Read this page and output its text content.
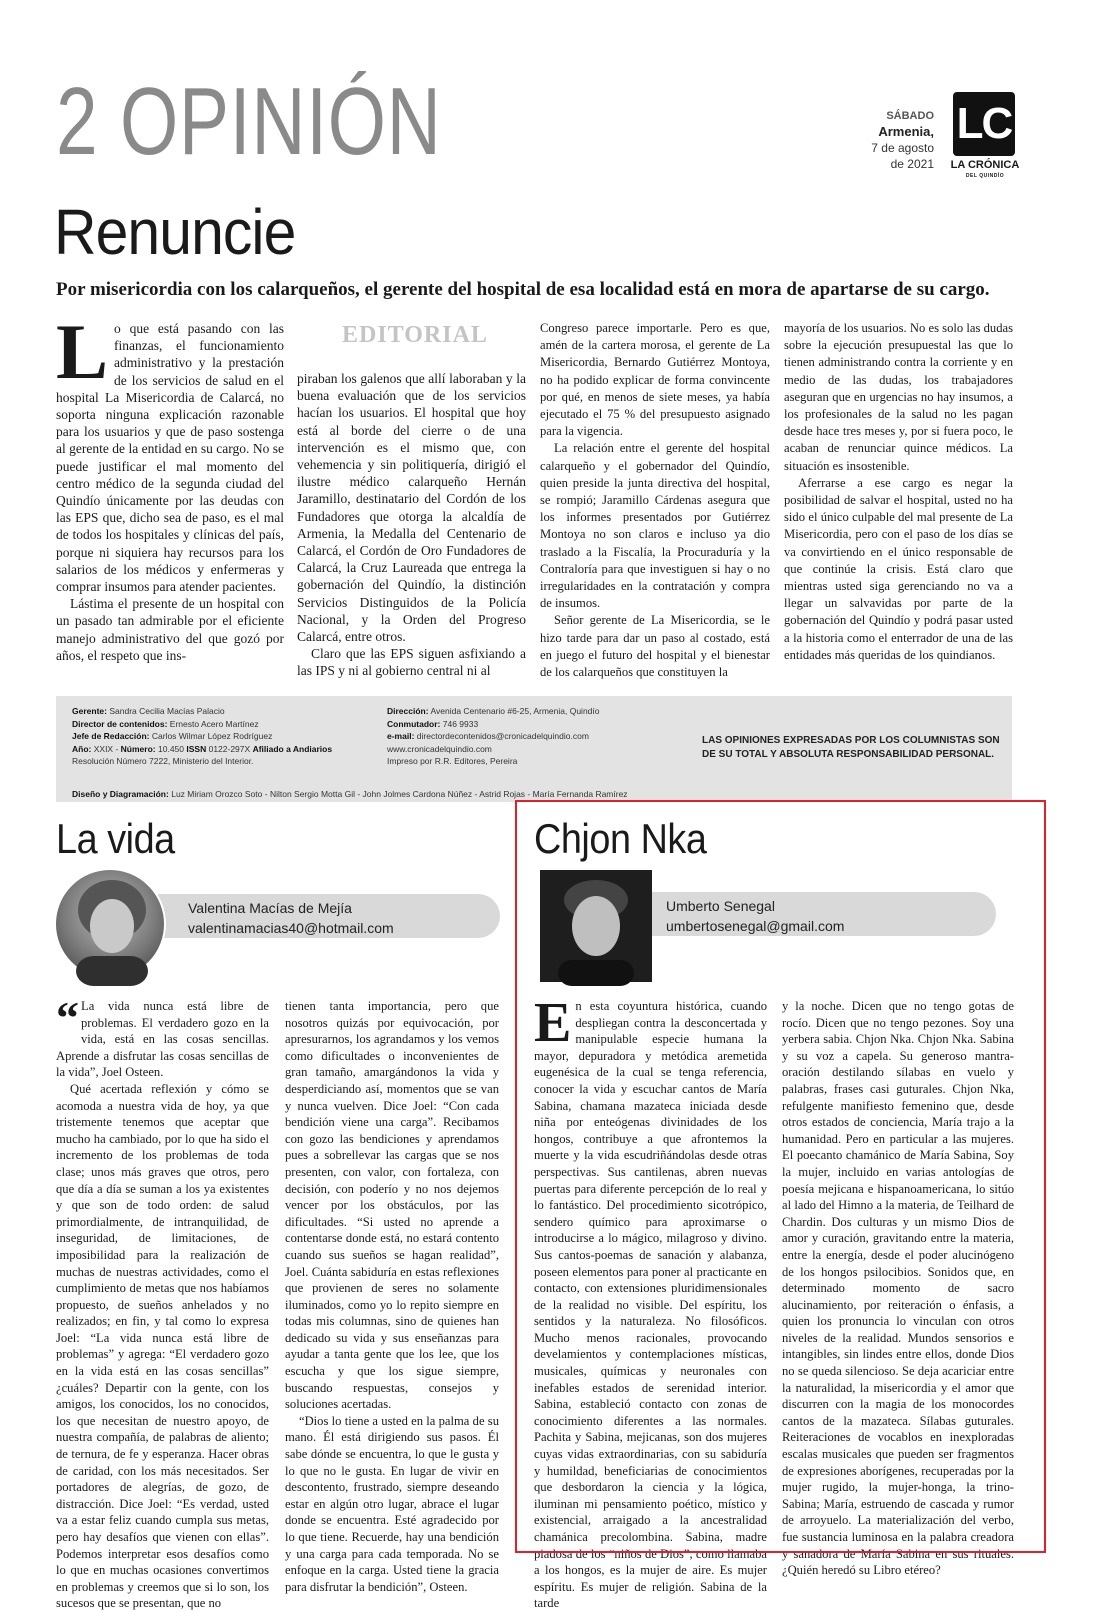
2 OPINIÓN	SÁBADO
Armenia,
7 de agosto
de 2021
LC
LA CRÓNICA
DEL QUINDÍO
Renuncie
Por misericordia con los calarqueños, el gerente del hospital de esa localidad está en mora de apartarse de su cargo.
EDITORIAL

Lo que está pasando con las finanzas, el funcionamiento administrativo y la prestación de los servicios de salud en el hospital La Misericordia de Calarcá, no soporta ninguna explicación razonable para los usuarios y que de paso sostenga al gerente de la entidad en su cargo. No se puede justificar el mal momento del centro médico de la segunda ciudad del Quindío únicamente por las deudas con las EPS que, dicho sea de paso, es el mal de todos los hospitales y clínicas del país, porque ni siquiera hay recursos para los salarios de los médicos y enfermeras y comprar insumos para atender pacientes.

Lástima el presente de un hospital con un pasado tan admirable por el eficiente manejo administrativo del que gozó por años, el respeto que ins-

piraban los galenos que allí laboraban y la buena evaluación que de los servicios hacían los usuarios. El hospital que hoy está al borde del cierre o de una intervención es el mismo que, con vehemencia y sin politiquería, dirigió el ilustre médico calarqueño Hernán Jaramillo, destinatario del Cordón de los Fundadores que otorga la alcaldía de Armenia, la Medalla del Centenario de Calarcá, el Cordón de Oro Fundadores de Calarcá, la Cruz Laureada que entrega la gobernación del Quindío, la distinción Servicios Distinguidos de la Policía Nacional, y la Orden del Progreso Calarcá, entre otros.

Claro que las EPS siguen asfixiando a las IPS y ni al gobierno central ni al

Congreso parece importarle. Pero es que, amén de la cartera morosa, el gerente de La Misericordia, Bernardo Gutiérrez Montoya, no ha podido explicar de forma convincente por qué, en menos de siete meses, ya había ejecutado el 75 % del presupuesto asignado para la vigencia.

La relación entre el gerente del hospital calarqueño y el gobernador del Quindío, quien preside la junta directiva del hospital, se rompió; Jaramillo Cárdenas asegura que los informes presentados por Gutiérrez Montoya no son claros e incluso ya dio traslado a la Fiscalía, la Procuraduría y la Contraloría para que investiguen si hay o no irregularidades en la contratación y compra de insumos.

Señor gerente de La Misericordia, se le hizo tarde para dar un paso al costado, está en juego el futuro del hospital y el bienestar de los calarqueños que constituyen la

mayoría de los usuarios. No es solo las dudas sobre la ejecución presupuestal las que lo tienen administrando contra la corriente y en medio de las dudas, los trabajadores aseguran que en urgencias no hay insumos, a los profesionales de la salud no les pagan desde hace tres meses y, por si fuera poco, le acaban de renunciar quince médicos. La situación es insostenible.

Aferrarse a ese cargo es negar la posibilidad de salvar el hospital, usted no ha sido el único culpable del mal presente de La Misericordia, pero con el paso de los días se va convirtiendo en el único responsable de que continúe la crisis. Está claro que mientras usted siga gerenciando no va a llegar un salvavidas por parte de la gobernación del Quindío y podrá pasar usted a la historia como el enterrador de una de las entidades más queridas de los quindianos.

Gerente: Sandra Cecilia Macías Palacio
Director de contenidos: Ernesto Acero Martínez
Jefe de Redacción: Carlos Wilmar López Rodríguez
Año: XXIX - Número: 10.450 ISSN 0122-297X Afiliado a Andiarios
Resolución Número 7222, Ministerio del Interior.
Dirección: Avenida Centenario #6-25, Armenia, Quindío
Conmutador: 746 9933
e-mail: directordecontenidos@cronicadelquindio.com
www.cronicadelquindio.com
Impreso por R.R. Editores, Pereira
LAS OPINIONES EXPRESADAS POR LOS COLUMNISTAS SON DE SU TOTAL Y ABSOLUTA RESPONSABILIDAD PERSONAL.
Diseño y Diagramación: Luz Miriam Orozco Soto - Nilton Sergio Motta Gil - John Jolmes Cardona Núñez - Astrid Rojas - María Fernanda Ramírez
La vida
Valentina Macías de Mejía
valentinamacias40@hotmail.com

“ La vida nunca está libre de problemas. El verdadero gozo en la vida, está en las cosas sencillas. Aprende a disfrutar las cosas sencillas de la vida”, Joel Osteen.

Qué acertada reflexión y cómo se acomoda a nuestra vida de hoy, ya que tristemente tenemos que aceptar que mucho ha cambiado, por lo que ha sido el incremento de los problemas de toda clase; unos más graves que otros, pero que día a día se suman a los ya existentes y que son de todo orden: de salud primordialmente, de intranquilidad, de inseguridad, de limitaciones, de imposibilidad para la realización de muchas de nuestras actividades, como el cumplimiento de metas que nos habíamos propuesto, de sueños anhelados y no realizados; en fin, y tal como lo expresa Joel: “La vida nunca está libre de problemas” y agrega: “El verdadero gozo en la vida está en las cosas sencillas” ¿cuáles? Departir con la gente, con los amigos, los conocidos, los no conocidos, los que necesitan de nuestro apoyo, de nuestra compañía, de palabras de aliento; de ternura, de fe y esperanza. Hacer obras de caridad, con los más necesitados. Ser portadores de alegrías, de gozo, de distracción. Dice Joel: “Es verdad, usted va a estar feliz cuando cumpla sus metas, pero hay desafíos que vienen con ellas”. Podemos interpretar esos desafíos como lo que en muchas ocasiones convertimos en problemas y creemos que si lo son, los sucesos que se presentan, que no

tienen tanta importancia, pero que nosotros quizás por equivocación, por apresurarnos, los agrandamos y los vemos como dificultades o inconvenientes de gran tamaño, amargándonos la vida y desperdiciando así, momentos que se van y nunca vuelven. Dice Joel: “Con cada bendición viene una carga”. Recibamos con gozo las bendiciones y aprendamos pues a sobrellevar las cargas que se nos presenten, con valor, con fortaleza, con decisión, con poderío y no nos dejemos vencer por los obstáculos, por las dificultades. “Si usted no aprende a contentarse donde está, no estará contento cuando sus sueños se hagan realidad”, Joel. Cuánta sabiduría en estas reflexiones que provienen de seres no solamente iluminados, como yo lo repito siempre en todas mis columnas, sino de quienes han dedicado su vida y sus enseñanzas para ayudar a tanta gente que los lee, que los escucha y que los sigue siempre, buscando respuestas, consejos y soluciones acertadas.

“Dios lo tiene a usted en la palma de su mano. Él está dirigiendo sus pasos. Él sabe dónde se encuentra, lo que le gusta y lo que no le gusta. En lugar de vivir en descontento, frustrado, siempre deseando estar en algún otro lugar, abrace el lugar donde se encuentra. Esté agradecido por lo que tiene. Recuerde, hay una bendición y una carga para cada temporada. No se enfoque en la carga. Usted tiene la gracia para disfrutar la bendición”, Osteen.

Chjon Nka
Umberto Senegal
umbertosenegal@gmail.com

En esta coyuntura histórica, cuando despliegan contra la desconcertada y manipulable especie humana la mayor, depuradora y metódica aremetida eugenésica de la cual se tenga referencia, conocer la vida y escuchar cantos de María Sabina, chamana mazateca iniciada desde niña por enteógenas divinidades de los hongos, contribuye a que afrontemos la muerte y la vida escudriñándolas desde otras perspectivas. Sus cantilenas, abren nuevas puertas para diferente percepción de lo real y lo fantástico. Del procedimiento sicotrópico, sendero químico para aproximarse o introducirse a lo mágico, milagroso y divino. Sus cantos-poemas de sanación y alabanza, poseen elementos para poner al practicante en contacto, con extensiones pluridimensionales de la realidad no visible. Del espíritu, los sentidos y la naturaleza. No filosóficos. Mucho menos racionales, provocando develamientos y contemplaciones místicas, musicales, químicas y neuronales con inefables estados de serenidad interior. Sabina, estableció contacto con zonas de conocimiento diferentes a las normales. Pachita y Sabina, mejicanas, son dos mujeres cuyas vidas extraordinarias, con su sabiduría y humildad, beneficiarias de conocimientos que desbordaron la ciencia y la lógica, iluminan mi pensamiento poético, místico y existencial, arraigado a la ancestralidad chamánica precolombina. Sabina, madre piadosa de los “niños de Dios”, como llamaba a los hongos, es la mujer de aire. Es mujer espíritu. Es mujer de religión. Sabina de la tarde

y la noche. Dicen que no tengo gotas de rocío. Dicen que no tengo pezones. Soy una yerbera sabia. Chjon Nka. Chjon Nka. Sabina y su voz a capela. Su generoso mantra-oración destilando sílabas en vuelo y palabras, frases casi guturales. Chjon Nka, refulgente manifiesto femenino que, desde otros estados de conciencia, María trajo a la humanidad. Pero en particular a las mujeres. El poecanto chamánico de María Sabina, Soy la mujer, incluido en varias antologías de poesía mejicana e hispanoamericana, lo sitúo al lado del Himno a la materia, de Teilhard de Chardin. Dos culturas y un mismo Dios de amor y curación, gravitando entre la materia, entre la energía, desde el poder alucinógeno de los hongos psilocibios. Sonidos que, en determinado momento de sacro alucinamiento, por reiteración o énfasis, a quien los pronuncia lo vinculan con otros niveles de la realidad. Mundos sensorios e intangibles, sin lindes entre ellos, donde Dios no se queda silencioso. Se deja acariciar entre la naturalidad, la misericordia y el amor que discurren con la magia de los monocordes cantos de la mazateca. Sílabas guturales. Reiteraciones de vocablos en inexploradas escalas musicales que pueden ser fragmentos de expresiones aborígenes, recuperadas por la mujer rugido, la mujer-honga, la trino-Sabina; María, estruendo de cascada y rumor de arroyuelo. La materialización del verbo, fue sustancia luminosa en la palabra creadora y sanadora de María Sabina en sus rituales. ¿Quién heredó su Libro etéreo?
